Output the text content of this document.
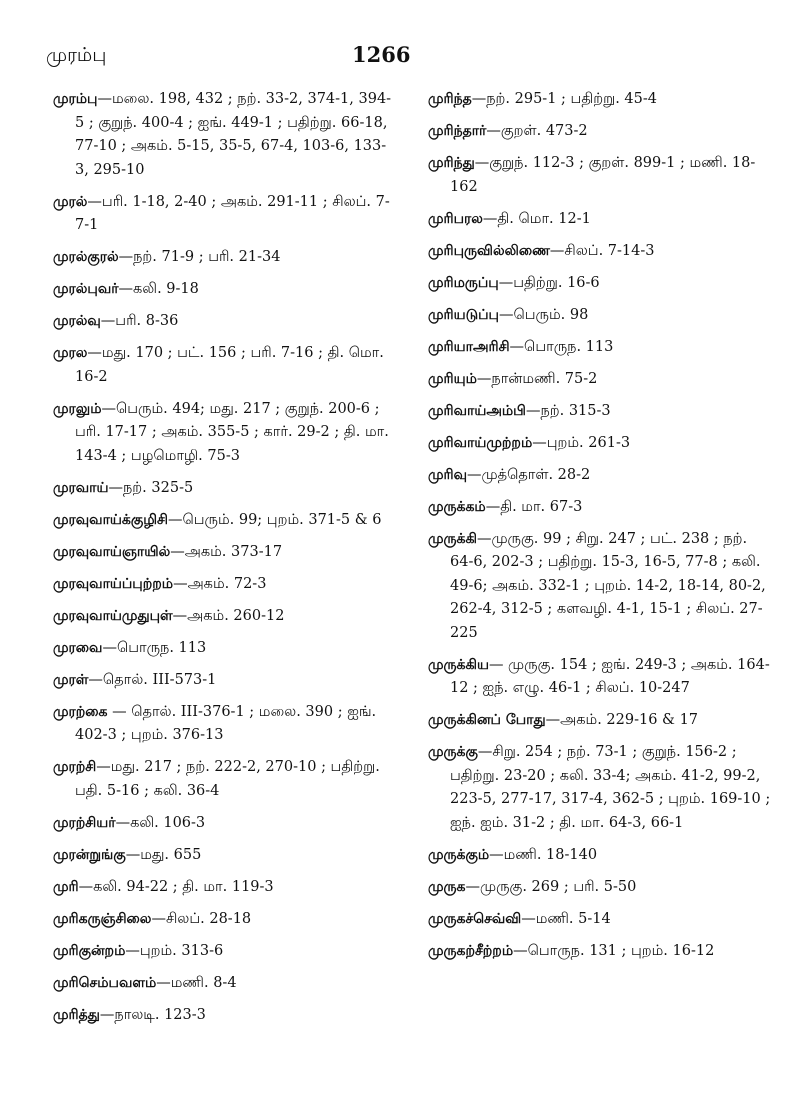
முரம்பு	1266

முரம்பு—மலை. 198, 432 ; நற். 33-2, 374-1, 394-5 ; குறுந். 400-4 ; ஐங். 449-1 ; பதிற்று. 66-18, 77-10 ; அகம். 5-15, 35-5, 67-4, 103-6, 133-3, 295-10

முரல்—பரி. 1-18, 2-40 ; அகம். 291-11 ; சிலப். 7-7-1

முரல்குரல்—நற். 71-9 ; பரி. 21-34

முரல்புவர்—கலி. 9-18

முரல்வு—பரி. 8-36

முரல—மது. 170 ; பட். 156 ; பரி. 7-16 ; தி. மொ. 16-2

முரலும்—பெரும். 494; மது. 217 ; குறுந். 200-6 ; பரி. 17-17 ; அகம். 355-5 ; கார். 29-2 ; தி. மா. 143-4 ; பழமொழி. 75-3

முரவாய்—நற். 325-5

முரவுவாய்க்குழிசி—பெரும். 99; புறம். 371-5 & 6

முரவுவாய்ஞாயில்—அகம். 373-17

முரவுவாய்ப்புற்றம்—அகம். 72-3

முரவுவாய்முதுபுள்—அகம். 260-12

முரவை—பொருந. 113

முரள்—தொல். III-573-1

முரற்கை — தொல். III-376-1 ; மலை. 390 ; ஐங். 402-3 ; புறம். 376-13

முரற்சி—மது. 217 ; நற். 222-2, 270-10 ; பதிற்று. பதி. 5-16 ; கலி. 36-4

முரற்சியர்—கலி. 106-3

முரன்றுங்கு—மது. 655

முரி—கலி. 94-22 ; தி. மா. 119-3

முரிகருஞ்சிலை—சிலப். 28-18

முரிகுன்றம்—புறம். 313-6

முரிசெம்பவளம்—மணி. 8-4

முரித்து—நாலடி. 123-3

முரிந்த—நற். 295-1 ; பதிற்று. 45-4

முரிந்தார்—குறள். 473-2

முரிந்து—குறுந். 112-3 ; குறள். 899-1 ; மணி. 18-162

முரிபரல—தி. மொ. 12-1

முரிபுருவில்லிணை—சிலப். 7-14-3

முரிமருப்பு—பதிற்று. 16-6

முரியடுப்பு—பெரும். 98

முரியாஅரிசி—பொருந. 113

முரியும்—நான்மணி. 75-2

முரிவாய்அம்பி—நற். 315-3

முரிவாய்முற்றம்—புறம். 261-3

முரிவு—முத்தொள். 28-2

முருக்கம்—தி. மா. 67-3

முருக்கி—முருகு. 99 ; சிறு. 247 ; பட். 238 ; நற். 64-6, 202-3 ; பதிற்று. 15-3, 16-5, 77-8 ; கலி. 49-6; அகம். 332-1 ; புறம். 14-2, 18-14, 80-2, 262-4, 312-5 ; களவழி. 4-1, 15-1 ; சிலப். 27-225

முருக்கிய— முருகு. 154 ; ஐங். 249-3 ; அகம். 164-12 ; ஐந். எழு. 46-1 ; சிலப். 10-247

முருக்கினப் போது—அகம். 229-16 & 17

முருக்கு—சிறு. 254 ; நற். 73-1 ; குறுந். 156-2 ; பதிற்று. 23-20 ; கலி. 33-4; அகம். 41-2, 99-2, 223-5, 277-17, 317-4, 362-5 ; புறம். 169-10 ; ஐந். ஐம். 31-2 ; தி. மா. 64-3, 66-1

முருக்கும்—மணி. 18-140

முருக—முருகு. 269 ; பரி. 5-50

முருகச்செவ்வி—மணி. 5-14

முருகற்சீற்றம்—பொருந. 131 ; புறம். 16-12
